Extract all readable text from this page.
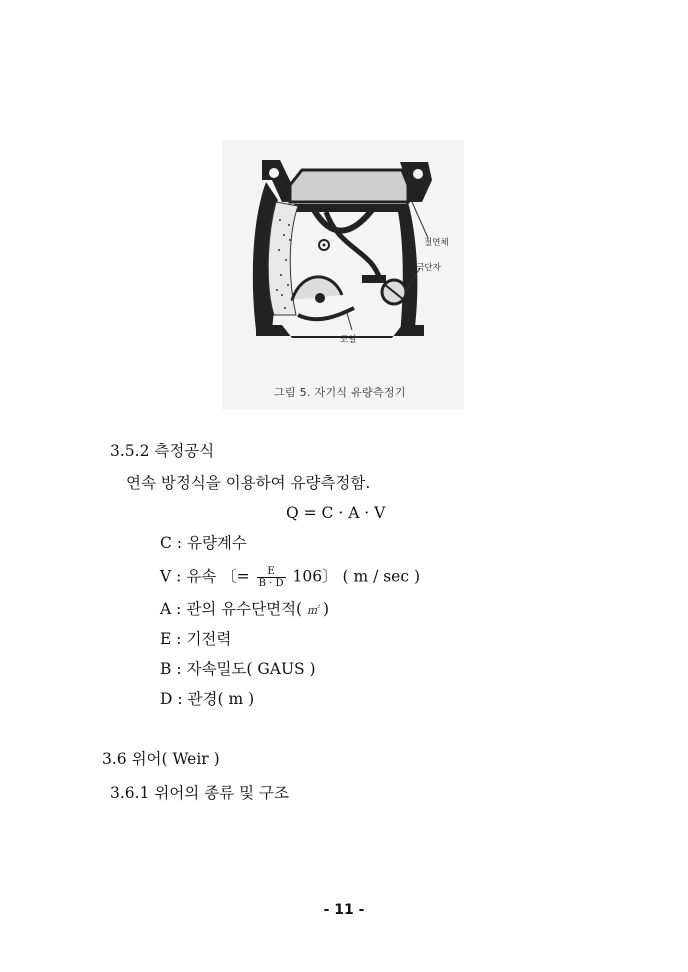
절연체
전극단자
코일
그림 5. 자기식 유량측정기
3.5.2 측정공식
연속 방정식을 이용하여 유량측정함.
Q = C · A · V
C : 유량계수
V : 유속 〔= $\frac{E}{B \cdot D} 106$〕 ( m / sec )
A : 관의 유수단면적( ㎡ )
E : 기전력
B : 자속밀도( GAUS )
D : 관경( m )
3.6 위어( Weir )
3.6.1 위어의 종류 및 구조
- 11 -
